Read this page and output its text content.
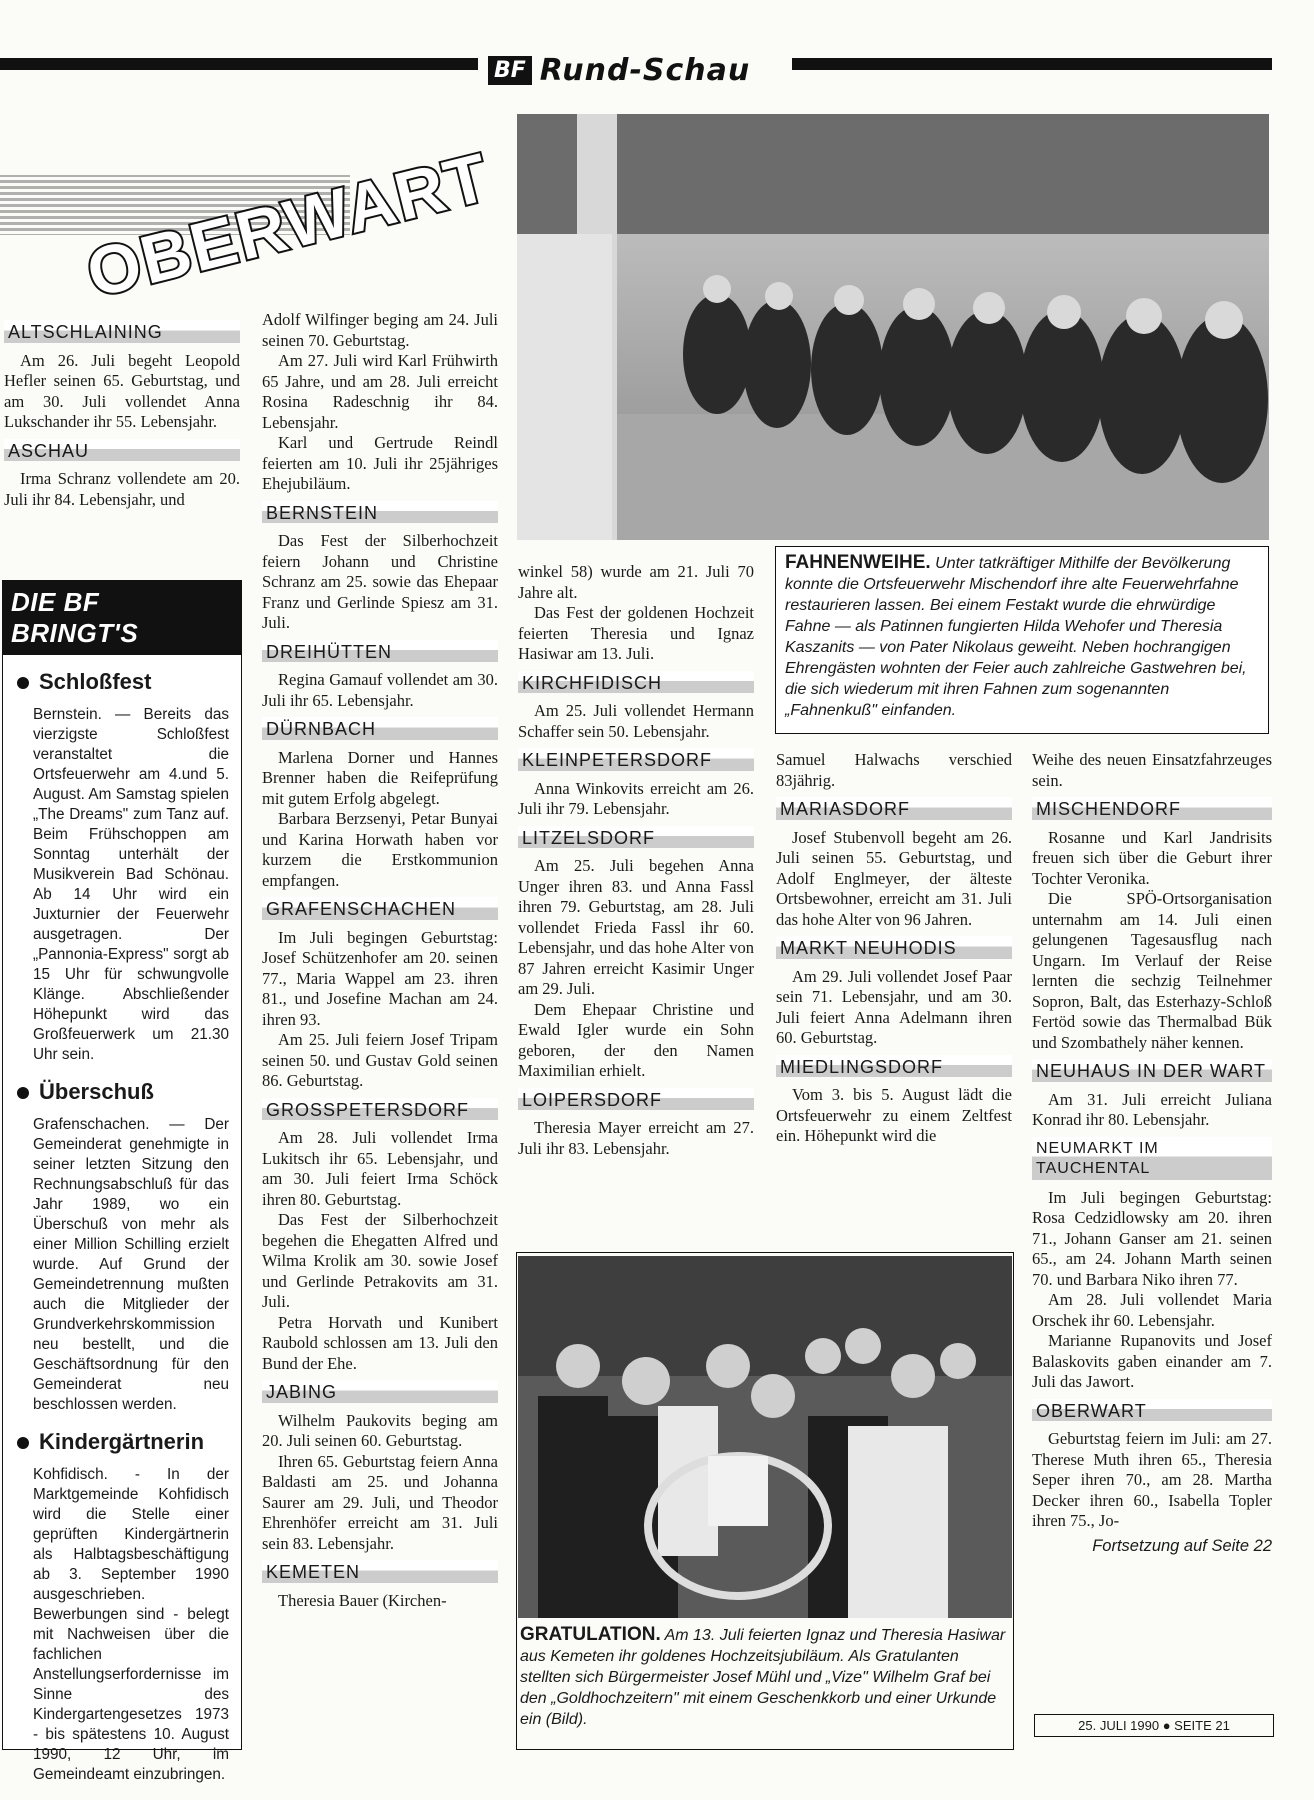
BF Rund-Schau
OBERWART
ALTSCHLAINING

Am 26. Juli begeht Leopold Hefler seinen 65. Geburtstag, und am 30. Juli vollendet Anna Lukschander ihr 55. Lebensjahr.

ASCHAU

Irma Schranz vollendete am 20. Juli ihr 84. Lebensjahr, und

DIE BF BRINGT'S
Schloßfest

Bernstein. — Bereits das vierzigste Schloßfest veranstaltet die Ortsfeuerwehr am 4.und 5. August. Am Samstag spielen „The Dreams" zum Tanz auf. Beim Frühschoppen am Sonntag unterhält der Musikverein Bad Schönau. Ab 14 Uhr wird ein Juxturnier der Feuerwehr ausgetragen. Der „Pannonia-Express" sorgt ab 15 Uhr für schwungvolle Klänge. Abschließender Höhepunkt wird das Großfeuerwerk um 21.30 Uhr sein.

Überschuß

Grafenschachen. — Der Gemeinderat genehmigte in seiner letzten Sitzung den Rechnungsabschluß für das Jahr 1989, wo ein Überschuß von mehr als einer Million Schilling erzielt wurde. Auf Grund der Gemeindetrennung mußten auch die Mitglieder der Grundverkehrskommission neu bestellt, und die Geschäftsordnung für den Gemeinderat neu beschlossen werden.

Kindergärtnerin

Kohfidisch. - In der Marktgemeinde Kohfidisch wird die Stelle einer geprüften Kindergärtnerin als Halbtagsbeschäftigung ab 3. September 1990 ausgeschrieben. Bewerbungen sind - belegt mit Nachweisen über die fachlichen Anstellungserfordernisse im Sinne des Kindergartengesetzes 1973 - bis spätestens 10. August 1990, 12 Uhr, im Gemeindeamt einzubringen.

Adolf Wilfinger beging am 24. Juli seinen 70. Geburtstag.

Am 27. Juli wird Karl Frühwirth 65 Jahre, und am 28. Juli erreicht Rosina Radeschnig ihr 84. Lebensjahr.

Karl und Gertrude Reindl feierten am 10. Juli ihr 25jähriges Ehejubiläum.

BERNSTEIN

Das Fest der Silberhochzeit feiern Johann und Christine Schranz am 25. sowie das Ehepaar Franz und Gerlinde Spiesz am 31. Juli.

DREIHÜTTEN

Regina Gamauf vollendet am 30. Juli ihr 65. Lebensjahr.

DÜRNBACH

Marlena Dorner und Hannes Brenner haben die Reifeprüfung mit gutem Erfolg abgelegt.

Barbara Berzsenyi, Petar Bunyai und Karina Horwath haben vor kurzem die Erstkommunion empfangen.

GRAFENSCHACHEN

Im Juli begingen Geburtstag: Josef Schützenhofer am 20. seinen 77., Maria Wappel am 23. ihren 81., und Josefine Machan am 24. ihren 93.

Am 25. Juli feiern Josef Tripam seinen 50. und Gustav Gold seinen 86. Geburtstag.

GROSSPETERSDORF

Am 28. Juli vollendet Irma Lukitsch ihr 65. Lebensjahr, und am 30. Juli feiert Irma Schöck ihren 80. Geburtstag.

Das Fest der Silberhochzeit begehen die Ehegatten Alfred und Wilma Krolik am 30. sowie Josef und Gerlinde Petrakovits am 31. Juli.

Petra Horvath und Kunibert Raubold schlossen am 13. Juli den Bund der Ehe.

JABING

Wilhelm Paukovits beging am 20. Juli seinen 60. Geburtstag.

Ihren 65. Geburtstag feiern Anna Baldasti am 25. und Johanna Saurer am 29. Juli, und Theodor Ehrenhöfer erreicht am 31. Juli sein 83. Lebensjahr.

KEMETEN

Theresia Bauer (Kirchen-

FAHNENWEIHE. Unter tatkräftiger Mithilfe der Bevölkerung konnte die Ortsfeuerwehr Mischendorf ihre alte Feuerwehrfahne restaurieren lassen. Bei einem Festakt wurde die ehrwürdige Fahne — als Patinnen fungierten Hilda Wehofer und Theresia Kaszanits — von Pater Nikolaus geweiht. Neben hochrangigen Ehrengästen wohnten der Feier auch zahlreiche Gastwehren bei, die sich wiederum mit ihren Fahnen zum sogenannten „Fahnenkuß" einfanden.

winkel 58) wurde am 21. Juli 70 Jahre alt.

Das Fest der goldenen Hochzeit feierten Theresia und Ignaz Hasiwar am 13. Juli.

KIRCHFIDISCH

Am 25. Juli vollendet Hermann Schaffer sein 50. Lebensjahr.

KLEINPETERSDORF

Anna Winkovits erreicht am 26. Juli ihr 79. Lebensjahr.

LITZELSDORF

Am 25. Juli begehen Anna Unger ihren 83. und Anna Fassl ihren 79. Geburtstag, am 28. Juli vollendet Frieda Fassl ihr 60. Lebensjahr, und das hohe Alter von 87 Jahren erreicht Kasimir Unger am 29. Juli.

Dem Ehepaar Christine und Ewald Igler wurde ein Sohn geboren, der den Namen Maximilian erhielt.

LOIPERSDORF

Theresia Mayer erreicht am 27. Juli ihr 83. Lebensjahr.

Samuel Halwachs verschied 83jährig.

MARIASDORF

Josef Stubenvoll begeht am 26. Juli seinen 55. Geburtstag, und Adolf Englmeyer, der älteste Ortsbewohner, erreicht am 31. Juli das hohe Alter von 96 Jahren.

MARKT NEUHODIS

Am 29. Juli vollendet Josef Paar sein 71. Lebensjahr, und am 30. Juli feiert Anna Adelmann ihren 60. Geburtstag.

MIEDLINGSDORF

Vom 3. bis 5. August lädt die Ortsfeuerwehr zu einem Zeltfest ein. Höhepunkt wird die

Weihe des neuen Einsatzfahrzeuges sein.

MISCHENDORF

Rosanne und Karl Jandrisits freuen sich über die Geburt ihrer Tochter Veronika.

Die SPÖ-Ortsorganisation unternahm am 14. Juli einen gelungenen Tagesausflug nach Ungarn. Im Verlauf der Reise lernten die sechzig Teilnehmer Sopron, Balt, das Esterhazy-Schloß Fertöd sowie das Thermalbad Bük und Szombathely näher kennen.

NEUHAUS IN DER WART

Am 31. Juli erreicht Juliana Konrad ihr 80. Lebensjahr.

NEUMARKT IM TAUCHENTAL

Im Juli begingen Geburtstag: Rosa Cedzidlowsky am 20. ihren 71., Johann Ganser am 21. seinen 65., am 24. Johann Marth seinen 70. und Barbara Niko ihren 77.

Am 28. Juli vollendet Maria Orschek ihr 60. Lebensjahr.

Marianne Rupanovits und Josef Balaskovits gaben einander am 7. Juli das Jawort.

OBERWART

Geburtstag feiern im Juli: am 27. Therese Muth ihren 65., Theresia Seper ihren 70., am 28. Martha Decker ihren 60., Isabella Topler ihren 75., Jo-

Fortsetzung auf Seite 22

GRATULATION. Am 13. Juli feierten Ignaz und Theresia Hasiwar aus Kemeten ihr goldenes Hochzeitsjubiläum. Als Gratulanten stellten sich Bürgermeister Josef Mühl und „Vize" Wilhelm Graf bei den „Goldhochzeitern" mit einem Geschenkkorb und einer Urkunde ein (Bild).	25. JULI 1990 ● SEITE 21
